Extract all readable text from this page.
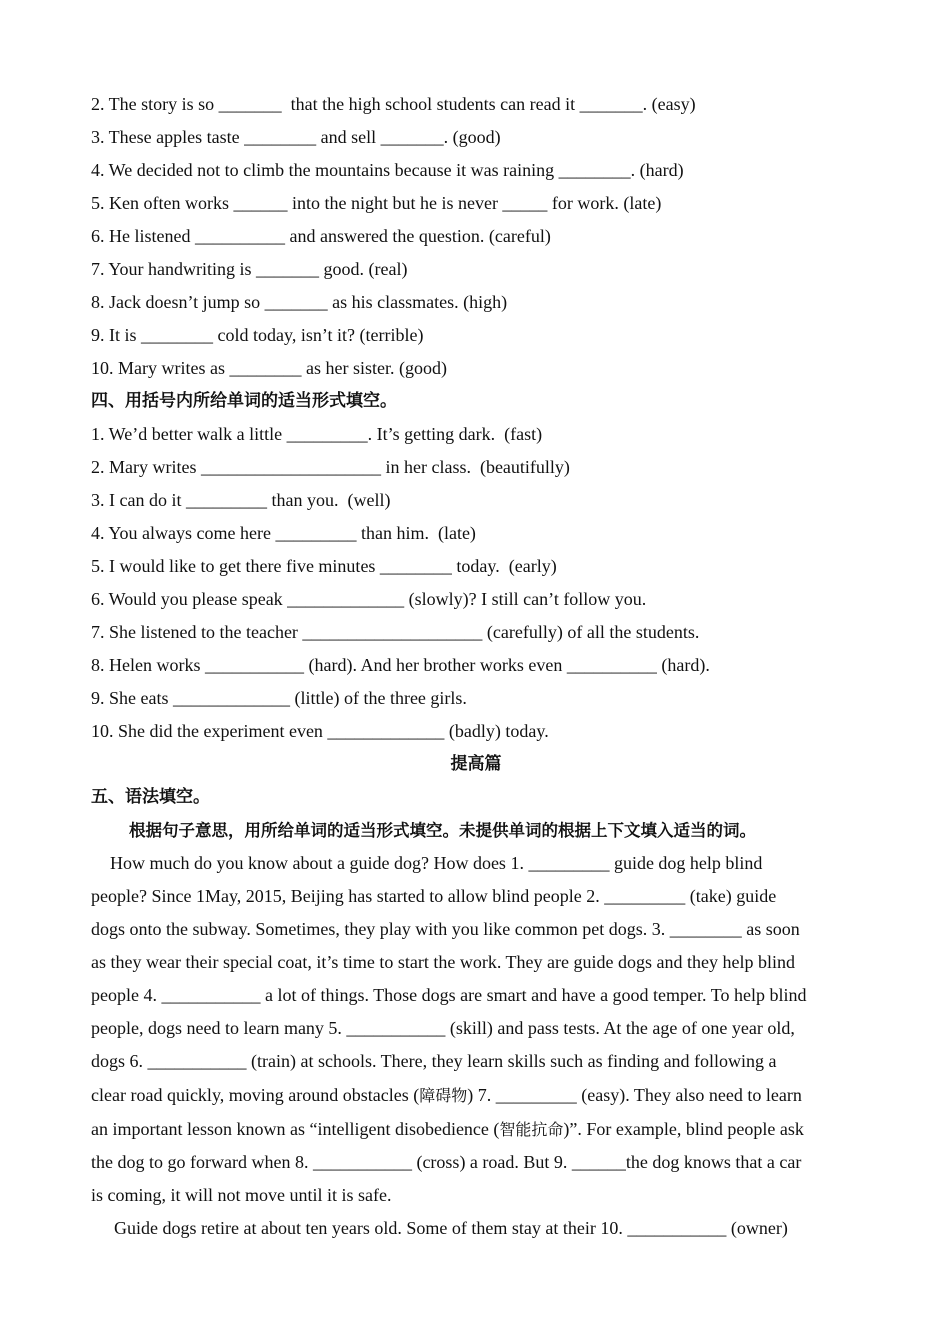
2. The story is so _______  that the high school students can read it _______. (easy)
3. These apples taste ________ and sell _______. (good)
4. We decided not to climb the mountains because it was raining ________. (hard)
5. Ken often works ______ into the night but he is never _____ for work. (late)
6. He listened __________ and answered the question. (careful)
7. Your handwriting is _______ good. (real)
8. Jack doesn’t jump so _______ as his classmates. (high)
9. It is ________ cold today, isn’t it? (terrible)
10. Mary writes as ________ as her sister. (good)
四、用括号内所给单词的适当形式填空。
1. We’d better walk a little _________. It’s getting dark.  (fast)
2. Mary writes ____________________ in her class.  (beautifully)
3. I can do it _________ than you.  (well)
4. You always come here _________ than him.  (late)
5. I would like to get there five minutes ________ today.  (early)
6. Would you please speak _____________ (slowly)? I still can’t follow you.
7. She listened to the teacher ____________________ (carefully) of all the students.
8. Helen works ___________ (hard). And her brother works even __________ (hard).
9. She eats _____________ (little) of the three girls.
10. She did the experiment even _____________ (badly) today.
提高篇
五、语法填空。
根据句子意思，用所给单词的适当形式填空。未提供单词的根据上下文填入适当的词。
How much do you know about a guide dog? How does 1. _________ guide dog help blind
people? Since 1May, 2015, Beijing has started to allow blind people 2. _________ (take) guide
dogs onto the subway. Sometimes, they play with you like common pet dogs. 3. ________ as soon
as they wear their special coat, it’s time to start the work. They are guide dogs and they help blind
people 4. ___________ a lot of things. Those dogs are smart and have a good temper. To help blind
people, dogs need to learn many 5. ___________ (skill) and pass tests. At the age of one year old,
dogs 6. ___________ (train) at schools. There, they learn skills such as finding and following a
clear road quickly, moving around obstacles (障碍物) 7. _________ (easy). They also need to learn
an important lesson known as “intelligent disobedience (智能抗命)”. For example, blind people ask
the dog to go forward when 8. ___________ (cross) a road. But 9. ______the dog knows that a car
is coming, it will not move until it is safe.
Guide dogs retire at about ten years old. Some of them stay at their 10. ___________ (owner)
